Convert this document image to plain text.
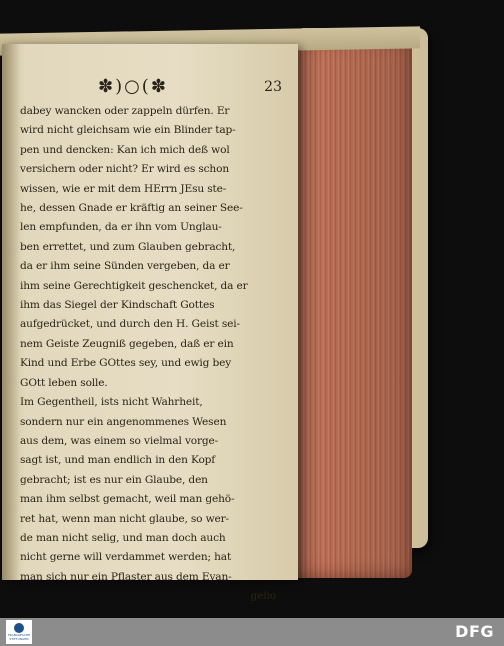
✽)○(✽	23
dabey wancken oder zappeln dürfen. Er
wird nicht gleichsam wie ein Blinder tap-
pen und dencken: Kan ich mich deß wol
versichern oder nicht? Er wird es schon
wissen, wie er mit dem HErrn JEsu ste-
he, dessen Gnade er kräftig an seiner See-
len empfunden, da er ihn vom Unglau-
ben errettet, und zum Glauben gebracht,
da er ihm seine Sünden vergeben, da er
ihm seine Gerechtigkeit geschencket, da er
ihm das Siegel der Kindschaft Gottes
aufgedrücket, und durch den H. Geist sei-
nem Geiste Zeugniß gegeben, daß er ein
Kind und Erbe GOttes sey, und ewig bey
GOtt leben solle.
Im Gegentheil, ists nicht Wahrheit,
sondern nur ein angenommenes Wesen
aus dem, was einem so vielmal vorge-
sagt ist, und man endlich in den Kopf
gebracht; ist es nur ein Glaube, den
man ihm selbst gemacht, weil man gehö-
ret hat, wenn man nicht glaube, so wer-
de man nicht selig, und man doch auch
nicht gerne will verdammet werden; hat
man sich nur ein Pflaster aus dem Evan-
gelio
FRANCKESCHE STIFTUNGEN	DFG
